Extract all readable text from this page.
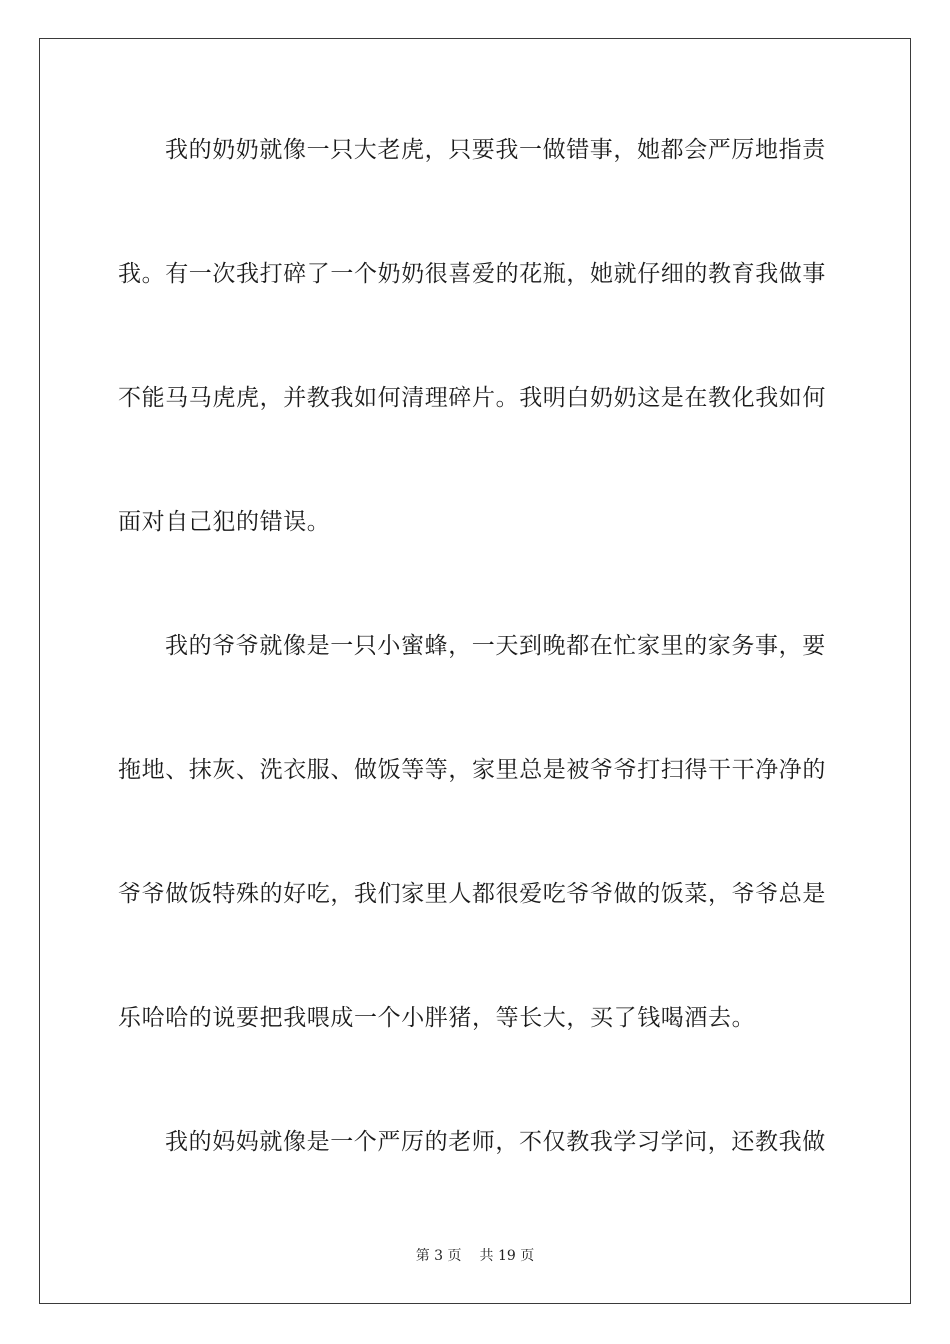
我的奶奶就像一只大老虎，只要我一做错事，她都会严厉地指责
我。有一次我打碎了一个奶奶很喜爱的花瓶，她就仔细的教育我做事
不能马马虎虎，并教我如何清理碎片。我明白奶奶这是在教化我如何
面对自己犯的错误。
我的爷爷就像是一只小蜜蜂，一天到晚都在忙家里的家务事，要
拖地、抹灰、洗衣服、做饭等等，家里总是被爷爷打扫得干干净净的
爷爷做饭特殊的好吃，我们家里人都很爱吃爷爷做的饭菜，爷爷总是
乐哈哈的说要把我喂成一个小胖猪，等长大，买了钱喝酒去。
我的妈妈就像是一个严厉的老师，不仅教我学习学问，还教我做
第 3 页 共 19 页
